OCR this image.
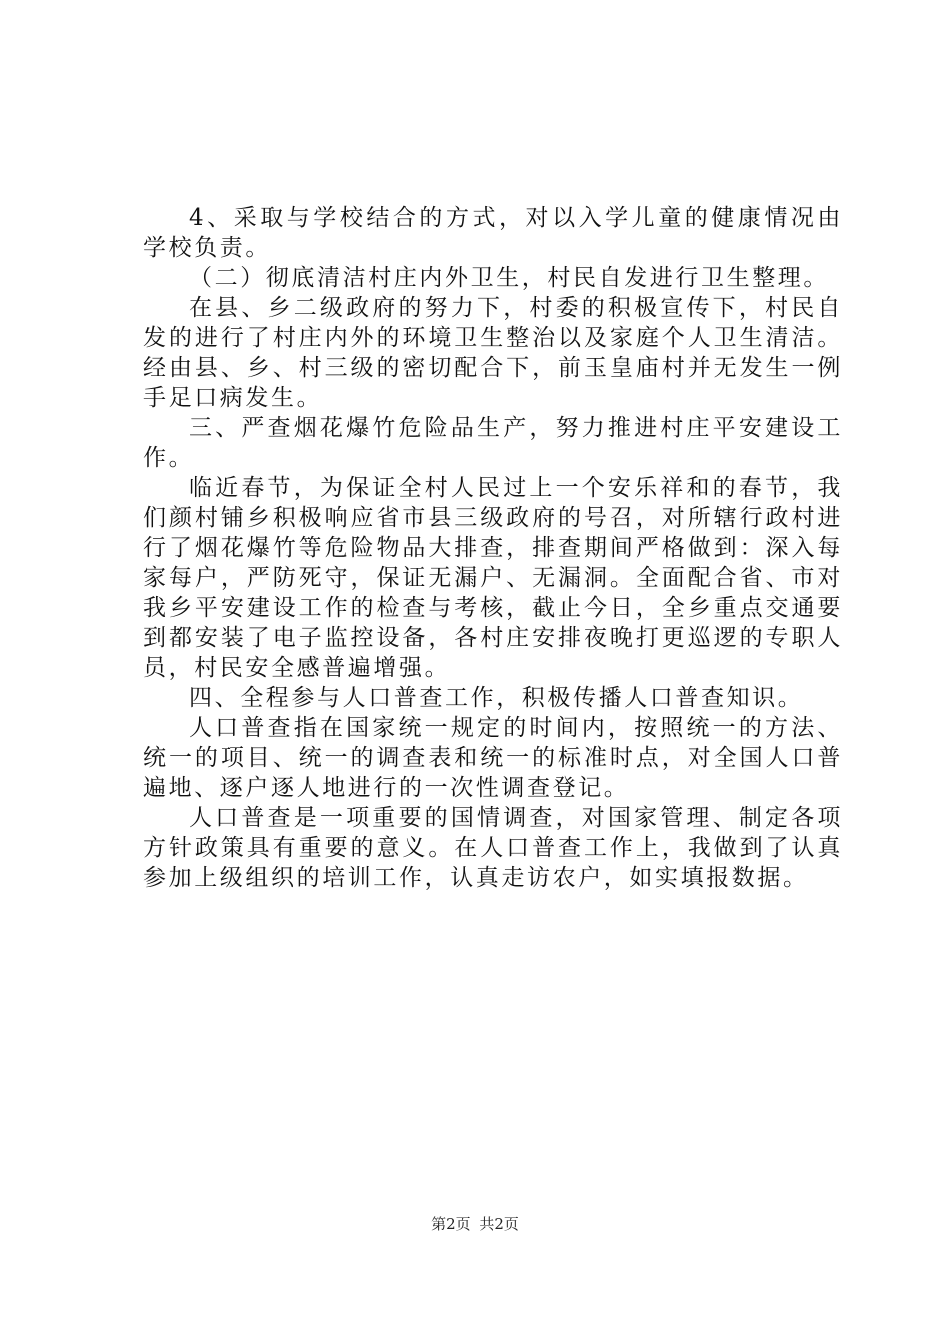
4、采取与学校结合的方式，对以入学儿童的健康情况由学校负责。

（二）彻底清洁村庄内外卫生，村民自发进行卫生整理。

在县、乡二级政府的努力下，村委的积极宣传下，村民自发的进行了村庄内外的环境卫生整治以及家庭个人卫生清洁。经由县、乡、村三级的密切配合下，前玉皇庙村并无发生一例手足口病发生。

三、严查烟花爆竹危险品生产，努力推进村庄平安建设工作。

临近春节，为保证全村人民过上一个安乐祥和的春节，我们颜村铺乡积极响应省市县三级政府的号召，对所辖行政村进行了烟花爆竹等危险物品大排查，排查期间严格做到：深入每家每户，严防死守，保证无漏户、无漏洞。全面配合省、市对我乡平安建设工作的检查与考核，截止今日，全乡重点交通要到都安装了电子监控设备，各村庄安排夜晚打更巡逻的专职人员，村民安全感普遍增强。

四、全程参与人口普查工作，积极传播人口普查知识。

人口普查指在国家统一规定的时间内，按照统一的方法、统一的项目、统一的调查表和统一的标准时点，对全国人口普遍地、逐户逐人地进行的一次性调查登记。

人口普查是一项重要的国情调查，对国家管理、制定各项方针政策具有重要的意义。在人口普查工作上，我做到了认真参加上级组织的培训工作，认真走访农户，如实填报数据。

第2页 共2页
